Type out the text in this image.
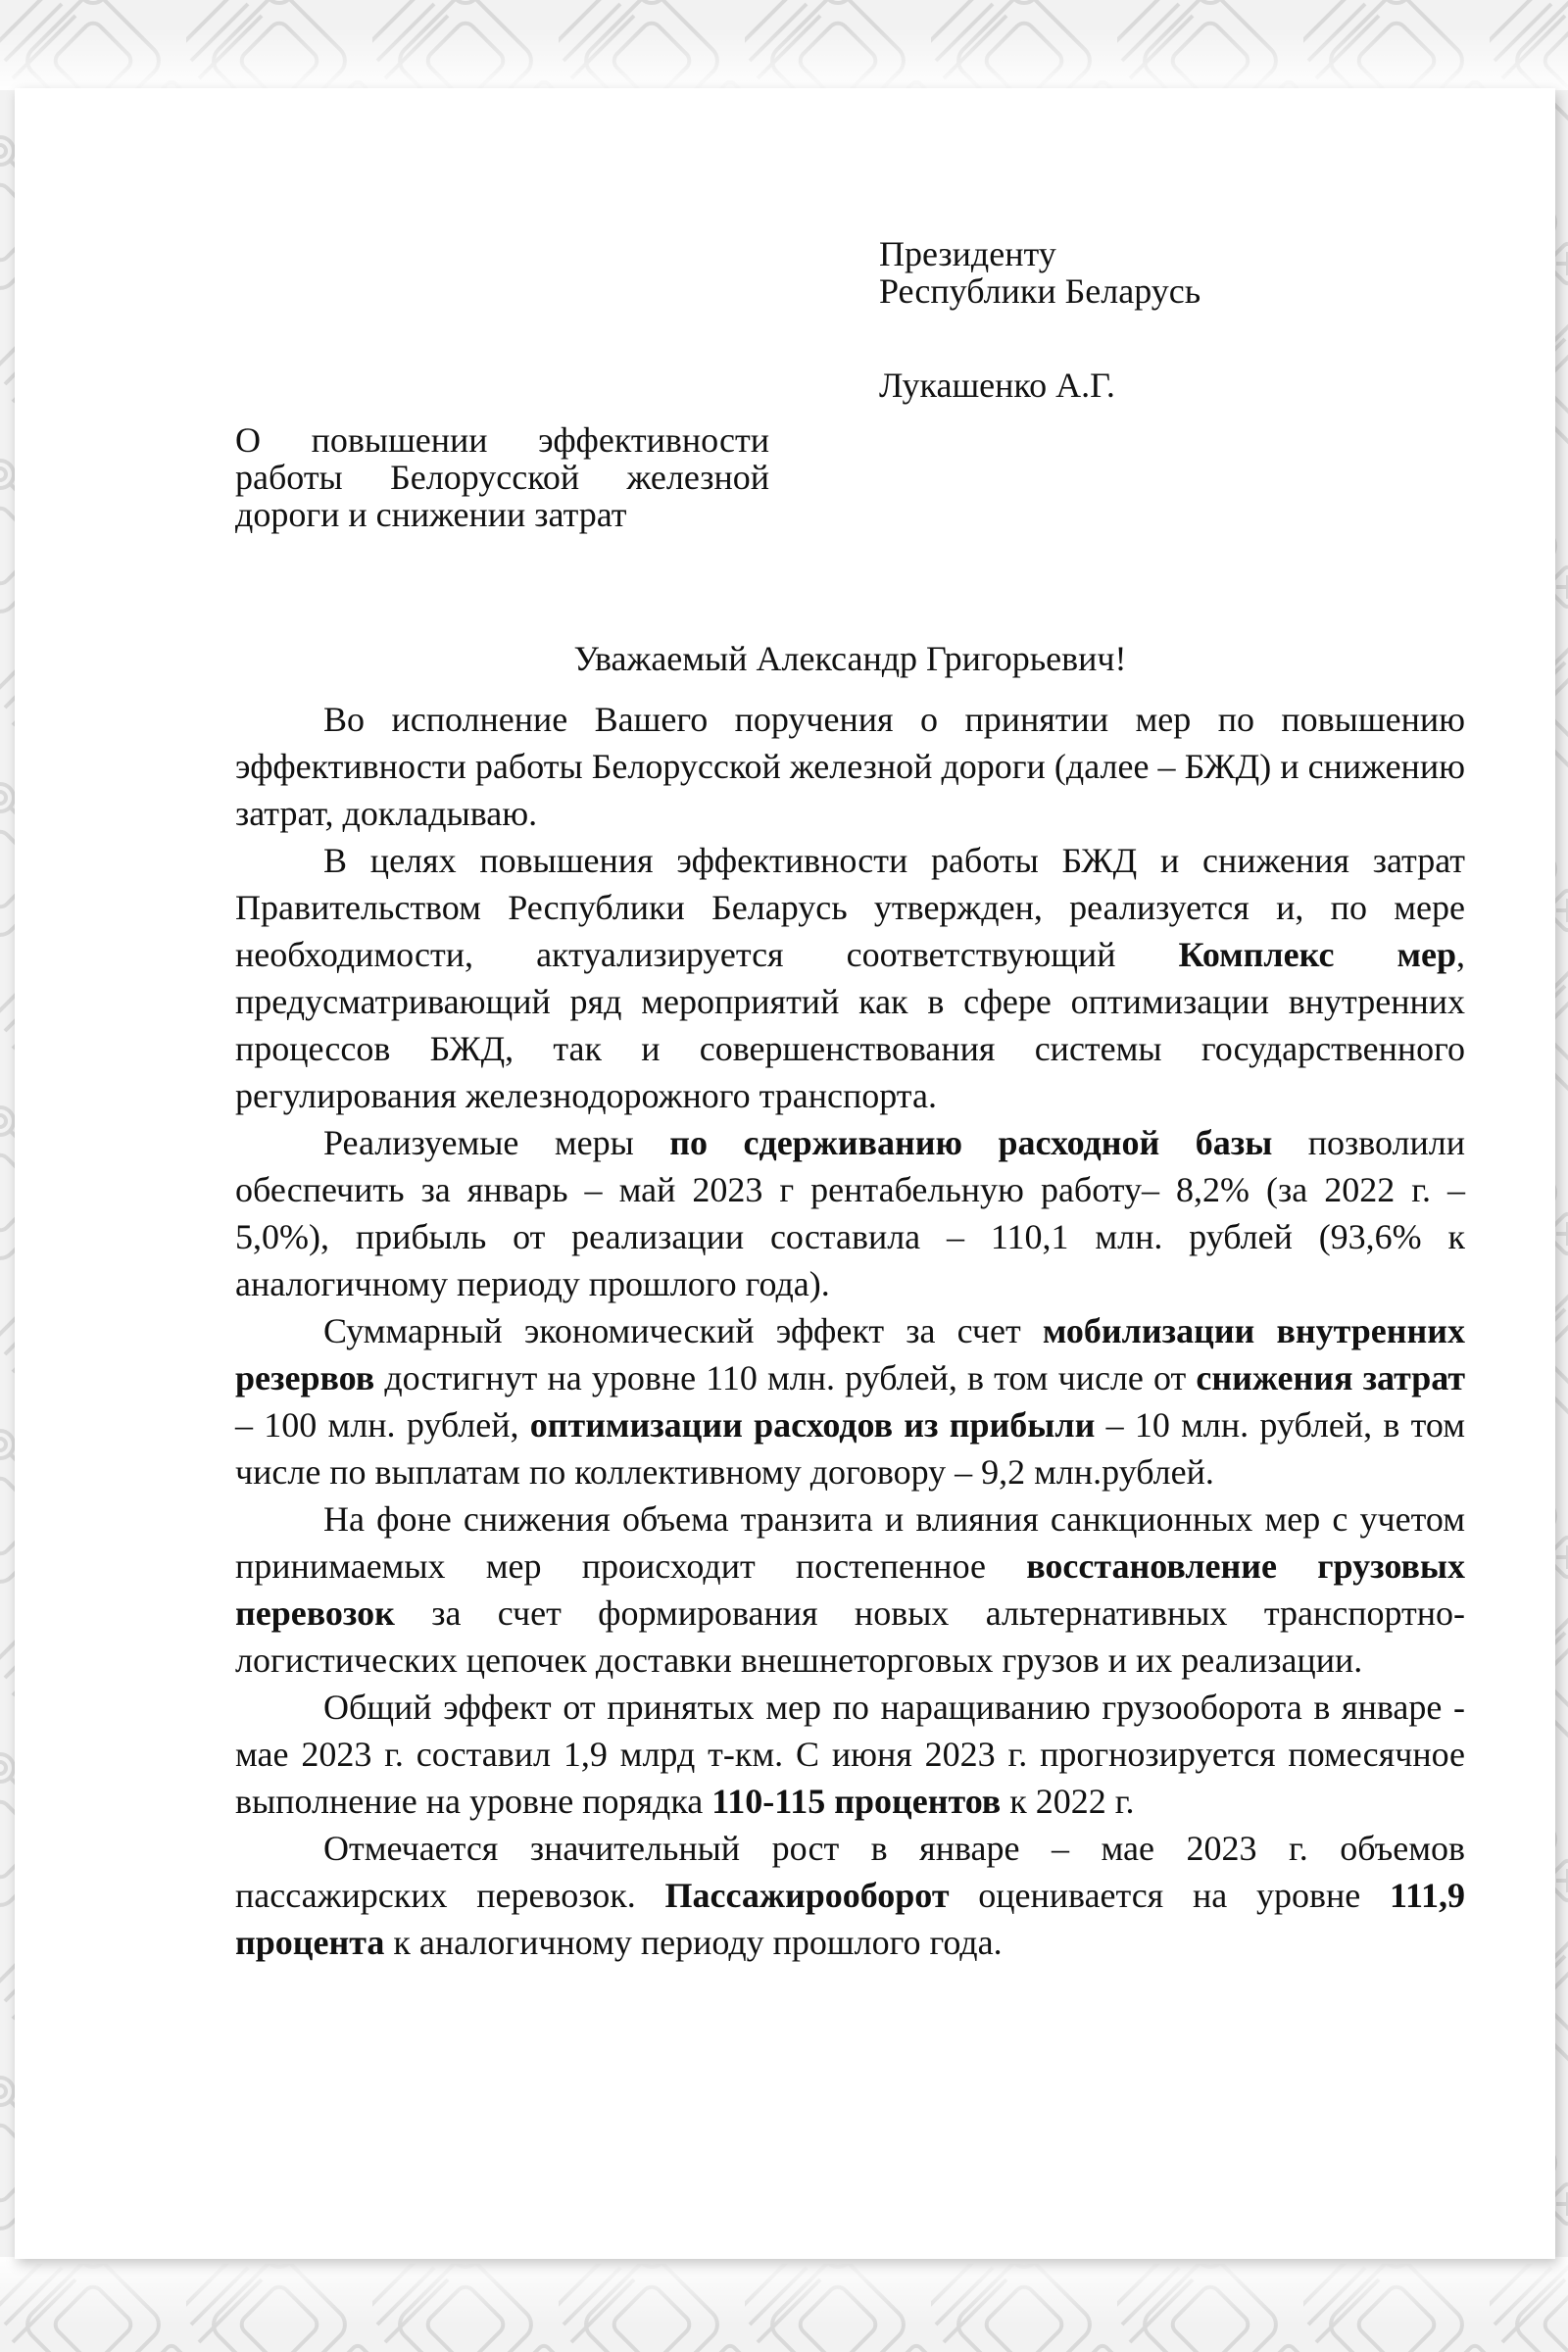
Президенту
Республики Беларусь
Лукашенко А.Г.
О повышении эффективности
работы Белорусской железной
дороги и снижении затрат
Уважаемый Александр Григорьевич!

Во исполнение Вашего поручения о принятии мер по повышению эффективности работы Белорусской железной дороги (далее – БЖД) и снижению затрат, докладываю.

В целях повышения эффективности работы БЖД и снижения затрат Правительством Республики Беларусь утвержден, реализуется и, по мере необходимости, актуализируется соответствующий Комплекс мер, предусматривающий ряд мероприятий как в сфере оптимизации внутренних процессов БЖД, так и совершенствования системы государственного регулирования железнодорожного транспорта.

Реализуемые меры по сдерживанию расходной базы позволили обеспечить за январь – май 2023 г рентабельную работу– 8,2% (за 2022 г. – 5,0%), прибыль от реализации составила – 110,1 млн. рублей (93,6% к аналогичному периоду прошлого года).

Суммарный экономический эффект за счет мобилизации внутренних резервов достигнут на уровне 110 млн. рублей, в том числе от снижения затрат – 100 млн. рублей, оптимизации расходов из прибыли – 10 млн. рублей, в том числе по выплатам по коллективному договору – 9,2 млн.рублей.

На фоне снижения объема транзита и влияния санкционных мер с учетом принимаемых мер происходит постепенное восстановление грузовых перевозок за счет формирования новых альтернативных транспортно-логистических цепочек доставки внешнеторговых грузов и их реализации.

Общий эффект от принятых мер по наращиванию грузооборота в январе - мае 2023 г. составил 1,9 млрд т-км. С июня 2023 г. прогнозируется помесячное выполнение на уровне порядка 110-115 процентов к 2022 г.

Отмечается значительный рост в январе – мае 2023 г. объемов пассажирских перевозок. Пассажирооборот оценивается на уровне 111,9 процента к аналогичному периоду прошлого года.
